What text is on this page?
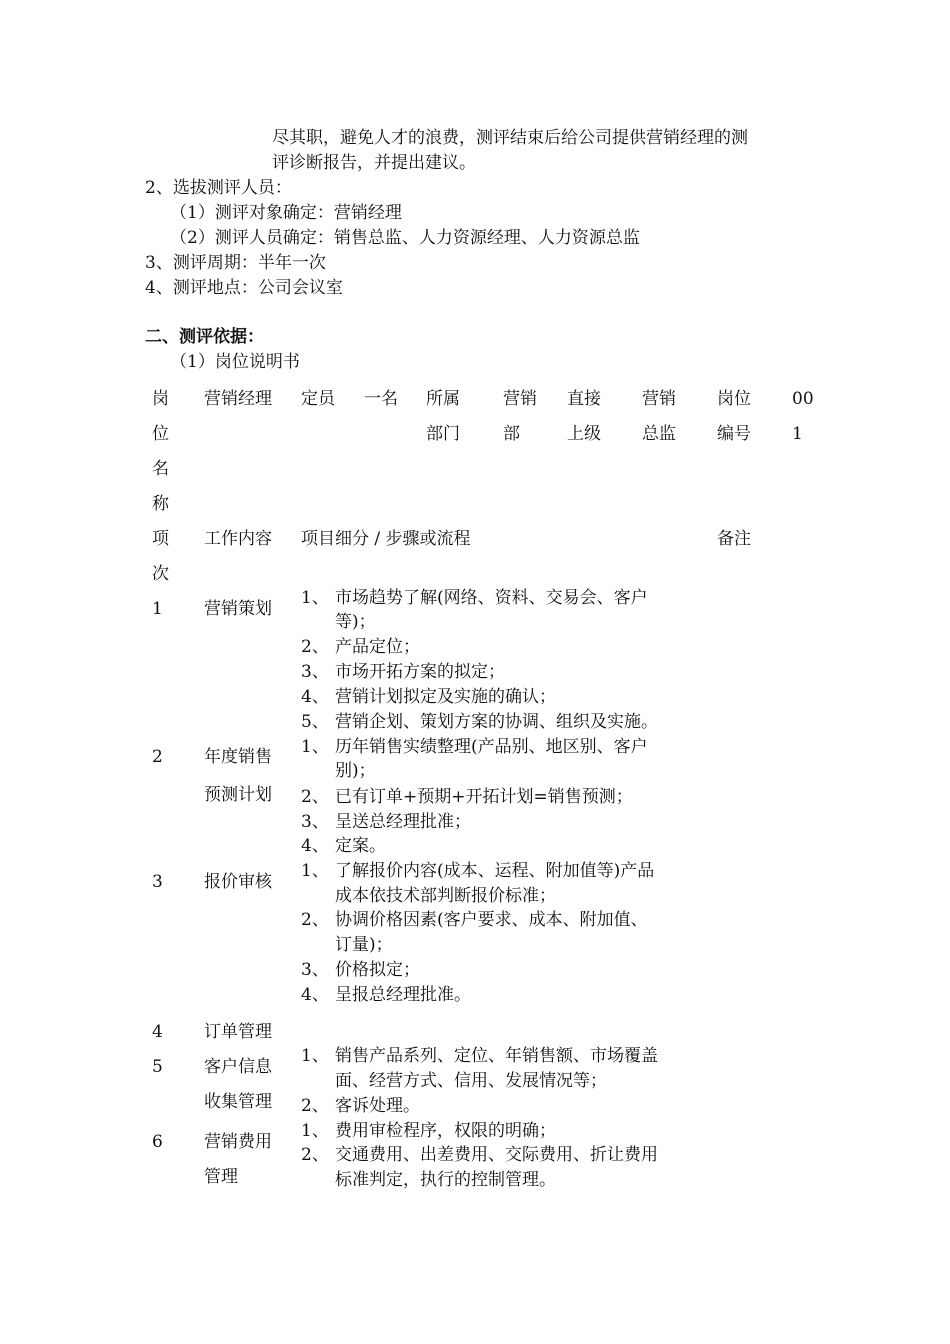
尽其职，避免人才的浪费，测评结束后给公司提供营销经理的测
评诊断报告，并提出建议。
2、选拔测评人员：
（1）测评对象确定：营销经理
（2）测评人员确定：销售总监、人力资源经理、人力资源总监
3、测评周期：半年一次
4、测评地点：公司会议室
二、测评依据：
（1）岗位说明书
岗
位
名
称
营销经理 定员 一名 所属
部门
营销
部
直接
上级
营销
总监
岗位
编号
00
1
项
次
工作内容 项目细分 / 步骤或流程	备注
1 营销策划
1、 市场趋势了解(网络、资料、交易会、客户
等)；
2、 产品定位；
3、 市场开拓方案的拟定；
4、 营销计划拟定及实施的确认；
5、 营销企划、策划方案的协调、组织及实施。
2 年度销售
预测计划
1、 历年销售实绩整理(产品别、地区别、客户
别)；
2、 已有订单+预期+开拓计划=销售预测；
3、 呈送总经理批准；
4、 定案。
3 报价审核
1、 了解报价内容(成本、运程、附加值等)产品
成本依技术部判断报价标准；
2、 协调价格因素(客户要求、成本、附加值、
订量)；
3、 价格拟定；
4、 呈报总经理批准。
4 订单管理
5 客户信息
收集管理
1、 销售产品系列、定位、年销售额、市场覆盖
面、经营方式、信用、发展情况等；
2、 客诉处理。
6 营销费用
管理
1、 费用审检程序，权限的明确；
2、 交通费用、出差费用、交际费用、折让费用
标准判定，执行的控制管理。
